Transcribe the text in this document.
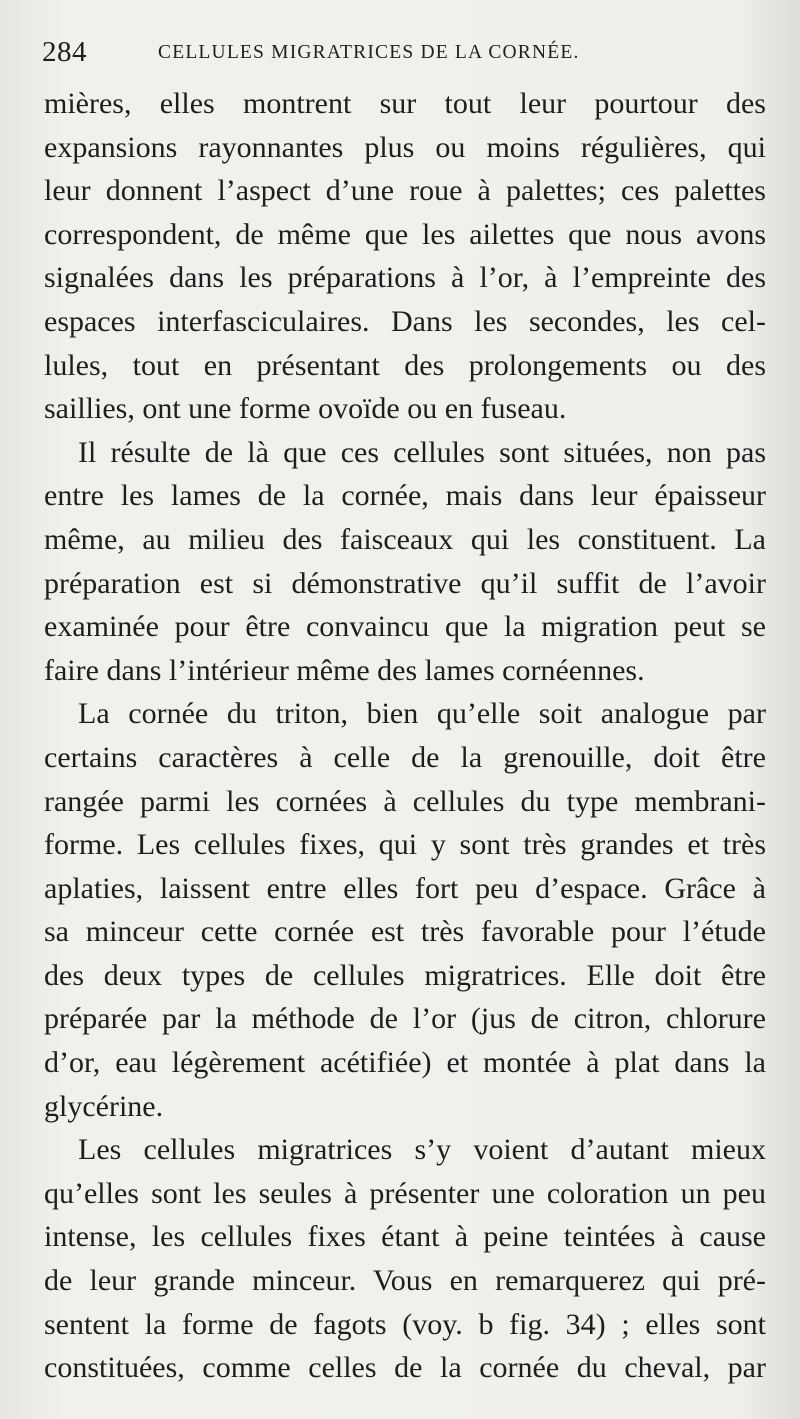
284	CELLULES MIGRATRICES DE LA CORNÉE.
mières, elles montrent sur tout leur pourtour des
expansions rayonnantes plus ou moins régulières, qui
leur donnent l’aspect d’une roue à palettes; ces palettes
correspondent, de même que les ailettes que nous avons
signalées dans les préparations à l’or, à l’empreinte des
espaces interfasciculaires. Dans les secondes, les cel-
lules, tout en présentant des prolongements ou des
saillies, ont une forme ovoïde ou en fuseau.
Il résulte de là que ces cellules sont situées, non pas
entre les lames de la cornée, mais dans leur épaisseur
même, au milieu des faisceaux qui les constituent. La
préparation est si démonstrative qu’il suffit de l’avoir
examinée pour être convaincu que la migration peut se
faire dans l’intérieur même des lames cornéennes.
La cornée du triton, bien qu’elle soit analogue par
certains caractères à celle de la grenouille, doit être
rangée parmi les cornées à cellules du type membrani-
forme. Les cellules fixes, qui y sont très grandes et très
aplaties, laissent entre elles fort peu d’espace. Grâce à
sa minceur cette cornée est très favorable pour l’étude
des deux types de cellules migratrices. Elle doit être
préparée par la méthode de l’or (jus de citron, chlorure
d’or, eau légèrement acétifiée) et montée à plat dans la
glycérine.
Les cellules migratrices s’y voient d’autant mieux
qu’elles sont les seules à présenter une coloration un peu
intense, les cellules fixes étant à peine teintées à cause
de leur grande minceur. Vous en remarquerez qui pré-
sentent la forme de fagots (voy. b fig. 34) ; elles sont
constituées, comme celles de la cornée du cheval, par
